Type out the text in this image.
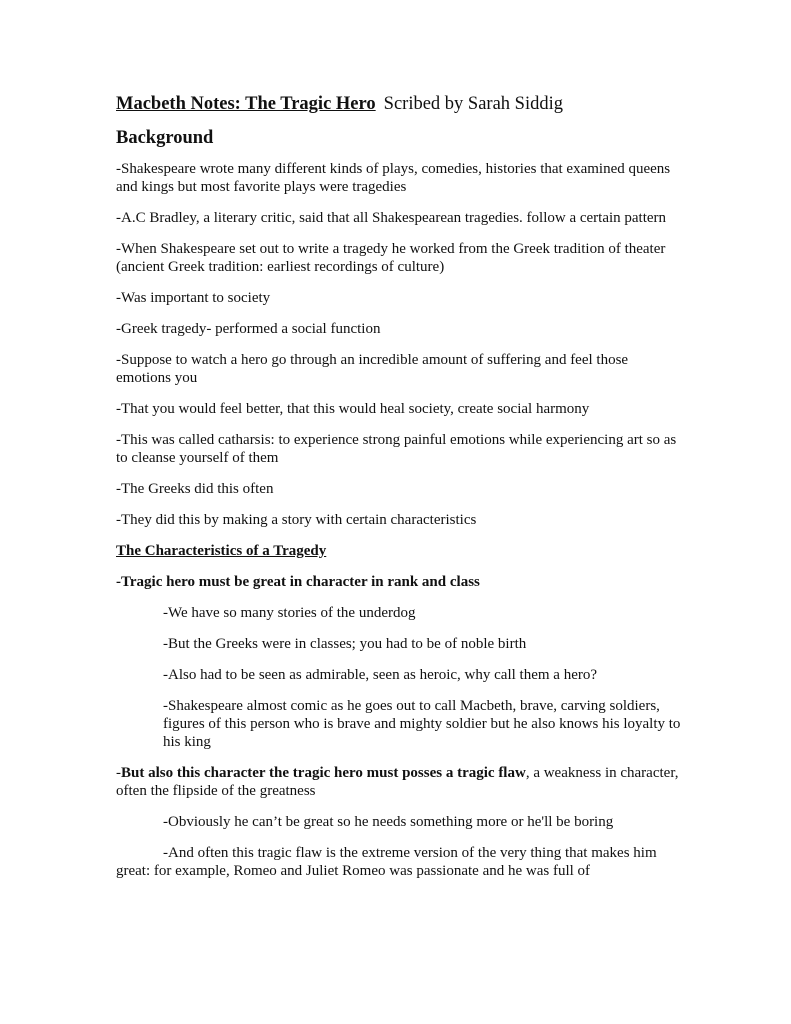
Macbeth Notes: The Tragic Hero Scribed by Sarah Siddig
Background

-Shakespeare wrote many different kinds of plays, comedies, histories that examined queens and kings but most favorite plays were tragedies

-A.C Bradley, a literary critic, said that all Shakespearean tragedies. follow a certain pattern

-When Shakespeare set out to write a tragedy he worked from the Greek tradition of theater (ancient Greek tradition: earliest recordings of culture)

-Was important to society

-Greek tragedy- performed a social function

-Suppose to watch a hero go through an incredible amount of suffering and feel those emotions you

-That you would feel better, that this would heal society, create social harmony

-This was called catharsis: to experience strong painful emotions while experiencing art so as to cleanse yourself of them

-The Greeks did this often

-They did this by making a story with certain characteristics

The Characteristics of a Tragedy

-Tragic hero must be great in character in rank and class

-We have so many stories of the underdog

-But the Greeks were in classes; you had to be of noble birth

-Also had to be seen as admirable, seen as heroic, why call them a hero?

-Shakespeare almost comic as he goes out to call Macbeth, brave, carving soldiers, figures of this person who is brave and mighty soldier but he also knows his loyalty to his king

-But also this character the tragic hero must posses a tragic flaw, a weakness in character, often the flipside of the greatness

-Obviously he can’t be great so he needs something more or he'll be boring

-And often this tragic flaw is the extreme version of the very thing that makes him great: for example, Romeo and Juliet Romeo was passionate and he was full of
